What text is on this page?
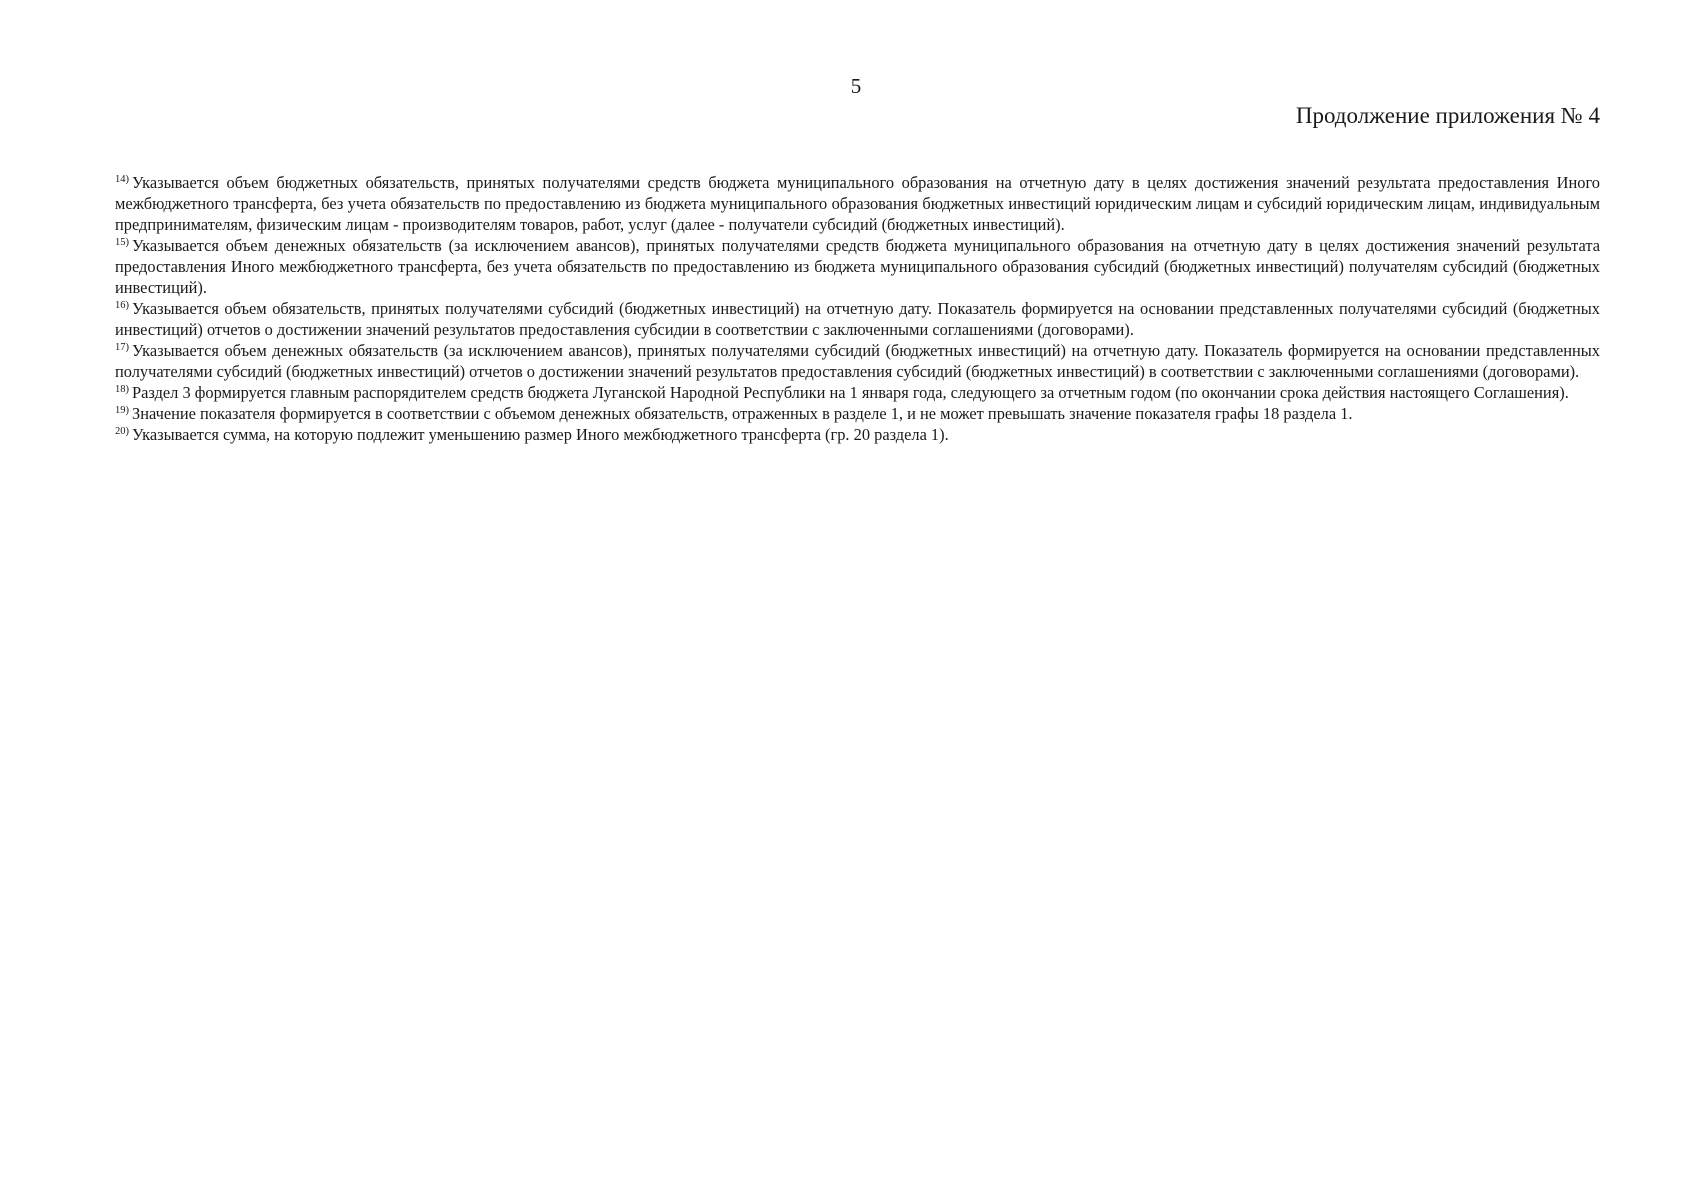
5
Продолжение приложения № 4

$^{14)}$ Указывается объем бюджетных обязательств, принятых получателями средств бюджета муниципального образования на отчетную дату в целях достижения значений результата предоставления Иного межбюджетного трансферта, без учета обязательств по предоставлению из бюджета муниципального образования бюджетных инвестиций юридическим лицам и субсидий юридическим лицам, индивидуальным предпринимателям, физическим лицам - производителям товаров, работ, услуг (далее - получатели субсидий (бюджетных инвестиций).

$^{15)}$ Указывается объем денежных обязательств (за исключением авансов), принятых получателями средств бюджета муниципального образования на отчетную дату в целях достижения значений результата предоставления Иного межбюджетного трансферта, без учета обязательств по предоставлению из бюджета муниципального образования субсидий (бюджетных инвестиций) получателям субсидий (бюджетных инвестиций).

$^{16)}$ Указывается объем обязательств, принятых получателями субсидий (бюджетных инвестиций) на отчетную дату. Показатель формируется на основании представленных получателями субсидий (бюджетных инвестиций) отчетов о достижении значений результатов предоставления субсидии в соответствии с заключенными соглашениями (договорами).

$^{17)}$ Указывается объем денежных обязательств (за исключением авансов), принятых получателями субсидий (бюджетных инвестиций) на отчетную дату. Показатель формируется на основании представленных получателями субсидий (бюджетных инвестиций) отчетов о достижении значений результатов предоставления субсидий (бюджетных инвестиций) в соответствии с заключенными соглашениями (договорами).

$^{18)}$ Раздел 3 формируется главным распорядителем средств бюджета Луганской Народной Республики на 1 января года, следующего за отчетным годом (по окончании срока действия настоящего Соглашения).

$^{19)}$ Значение показателя формируется в соответствии с объемом денежных обязательств, отраженных в разделе 1, и не может превышать значение показателя графы 18 раздела 1.

$^{20)}$ Указывается сумма, на которую подлежит уменьшению размер Иного межбюджетного трансферта (гр. 20 раздела 1).
